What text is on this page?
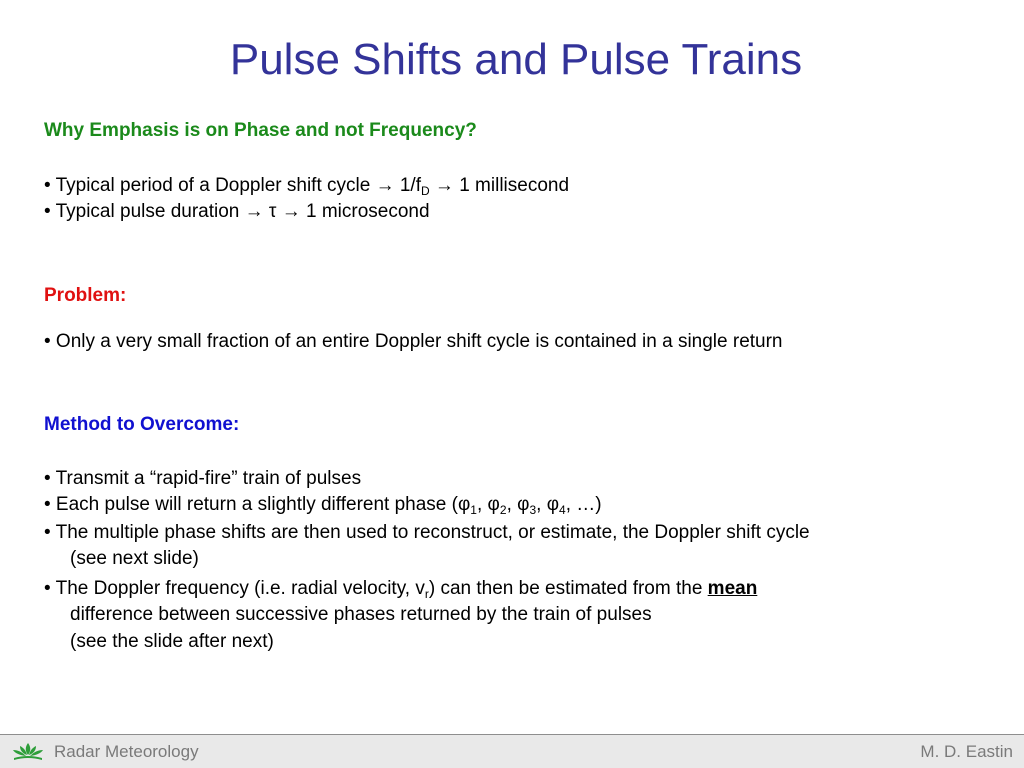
Pulse Shifts and Pulse Trains

Why Emphasis is on Phase and not Frequency?

• Typical period of a Doppler shift cycle → $1/f_D \to 1$ millisecond

• Typical pulse duration → τ → 1 microsecond

Problem:

• Only a very small fraction of an entire Doppler shift cycle is contained in a single return

Method to Overcome:

• Transmit a “rapid-fire” train of pulses

• Each pulse will return a slightly different phase ($\varphi_1$, $\varphi_2$, $\varphi_3$, $\varphi_4$, …)

• The multiple phase shifts are then used to reconstruct, or estimate, the Doppler shift cycle

(see next slide)

• The Doppler frequency (i.e. radial velocity, $v_r$) can then be estimated from the mean

difference between successive phases returned by the train of pulses

(see the slide after next)

Radar Meteorology	M. D. Eastin
